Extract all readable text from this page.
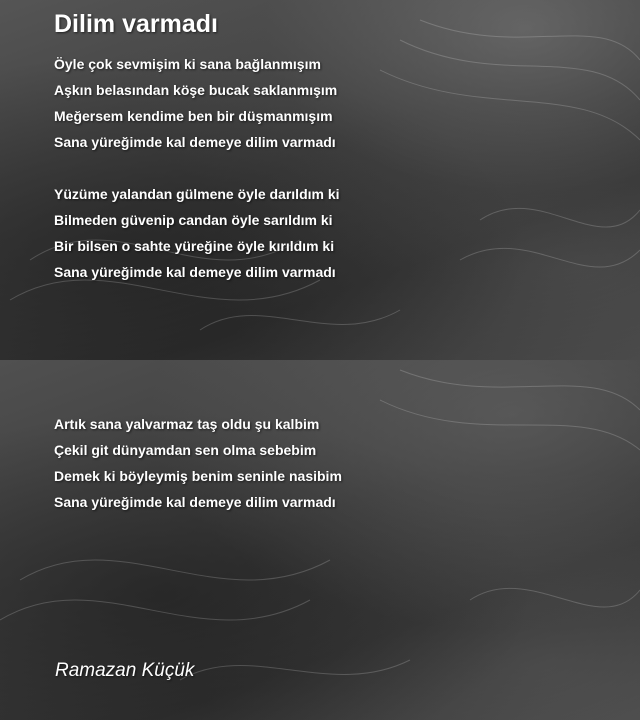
Dilim varmadı
Öyle çok sevmişim ki sana bağlanmışım
Aşkın belasından köşe bucak saklanmışım
Meğersem kendime ben bir düşmanmışım
Sana yüreğimde kal demeye dilim varmadı
Yüzüme yalandan gülmene öyle darıldım ki
Bilmeden güvenip candan öyle sarıldım ki
Bir bilsen o sahte yüreğine öyle kırıldım ki
Sana yüreğimde kal demeye dilim varmadı
Artık sana yalvarmaz taş oldu şu kalbim
Çekil git dünyamdan sen olma sebebim
Demek ki böyleymiş benim seninle nasibim
Sana yüreğimde kal demeye dilim varmadı
Ramazan Küçük
